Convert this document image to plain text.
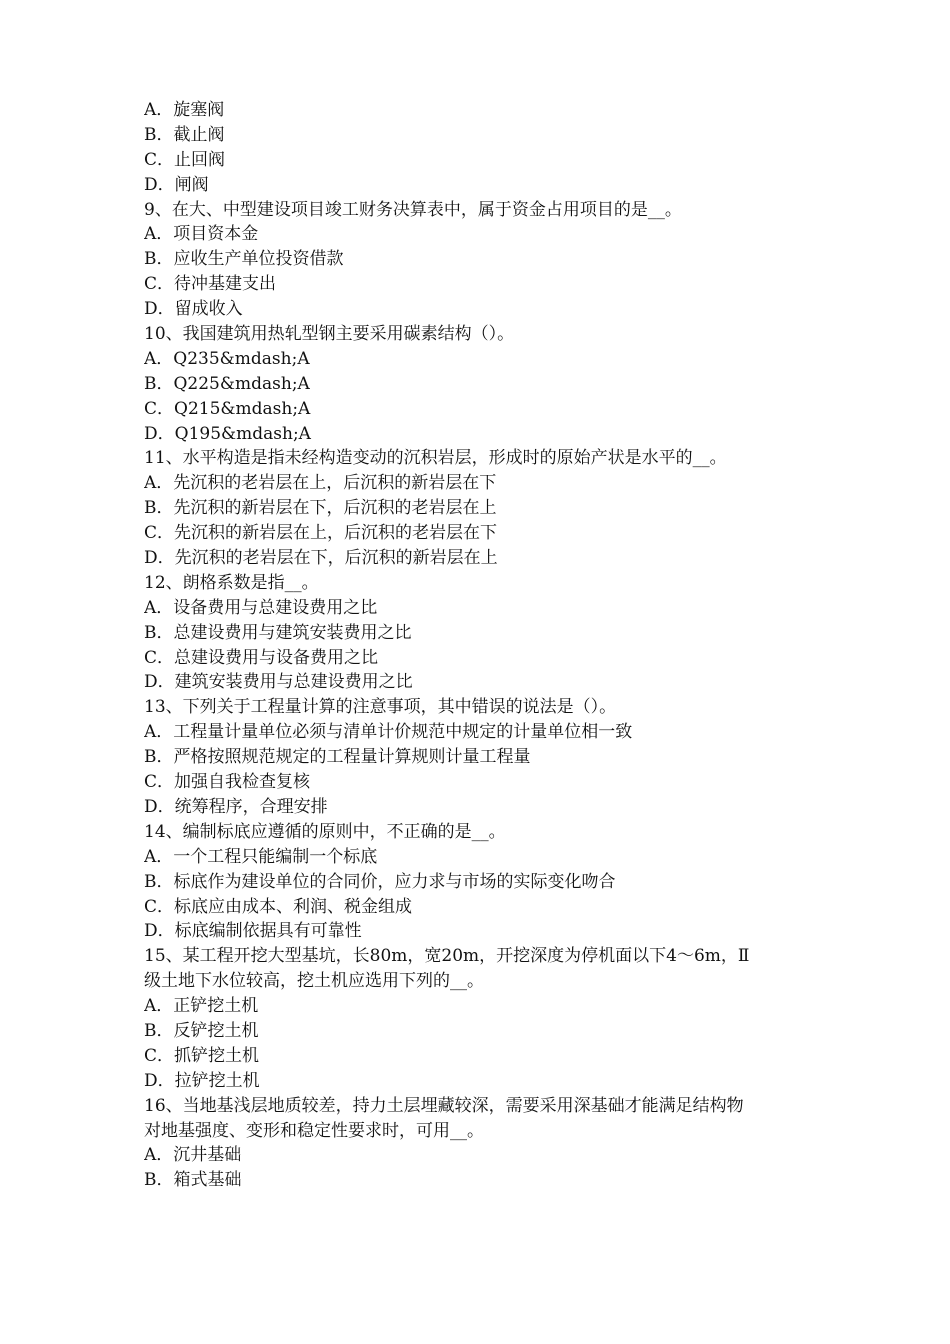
A．旋塞阀
B．截止阀
C．止回阀
D．闸阀
9、在大、中型建设项目竣工财务决算表中，属于资金占用项目的是__。
A．项目资本金
B．应收生产单位投资借款
C．待冲基建支出
D．留成收入
10、我国建筑用热轧型钢主要采用碳素结构（）。
A．Q235&mdash;A
B．Q225&mdash;A
C．Q215&mdash;A
D．Q195&mdash;A
11、水平构造是指未经构造变动的沉积岩层，形成时的原始产状是水平的__。
A．先沉积的老岩层在上，后沉积的新岩层在下
B．先沉积的新岩层在下，后沉积的老岩层在上
C．先沉积的新岩层在上，后沉积的老岩层在下
D．先沉积的老岩层在下，后沉积的新岩层在上
12、朗格系数是指__。
A．设备费用与总建设费用之比
B．总建设费用与建筑安装费用之比
C．总建设费用与设备费用之比
D．建筑安装费用与总建设费用之比
13、下列关于工程量计算的注意事项，其中错误的说法是（）。
A．工程量计量单位必须与清单计价规范中规定的计量单位相一致
B．严格按照规范规定的工程量计算规则计量工程量
C．加强自我检查复核
D．统筹程序，合理安排
14、编制标底应遵循的原则中，不正确的是__。
A．一个工程只能编制一个标底
B．标底作为建设单位的合同价，应力求与市场的实际变化吻合
C．标底应由成本、利润、税金组成
D．标底编制依据具有可靠性
15、某工程开挖大型基坑，长80m，宽20m，开挖深度为停机面以下4～6m，Ⅱ
级土地下水位较高，挖土机应选用下列的__。
A．正铲挖土机
B．反铲挖土机
C．抓铲挖土机
D．拉铲挖土机
16、当地基浅层地质较差，持力土层埋藏较深，需要采用深基础才能满足结构物
对地基强度、变形和稳定性要求时，可用__。
A．沉井基础
B．箱式基础
